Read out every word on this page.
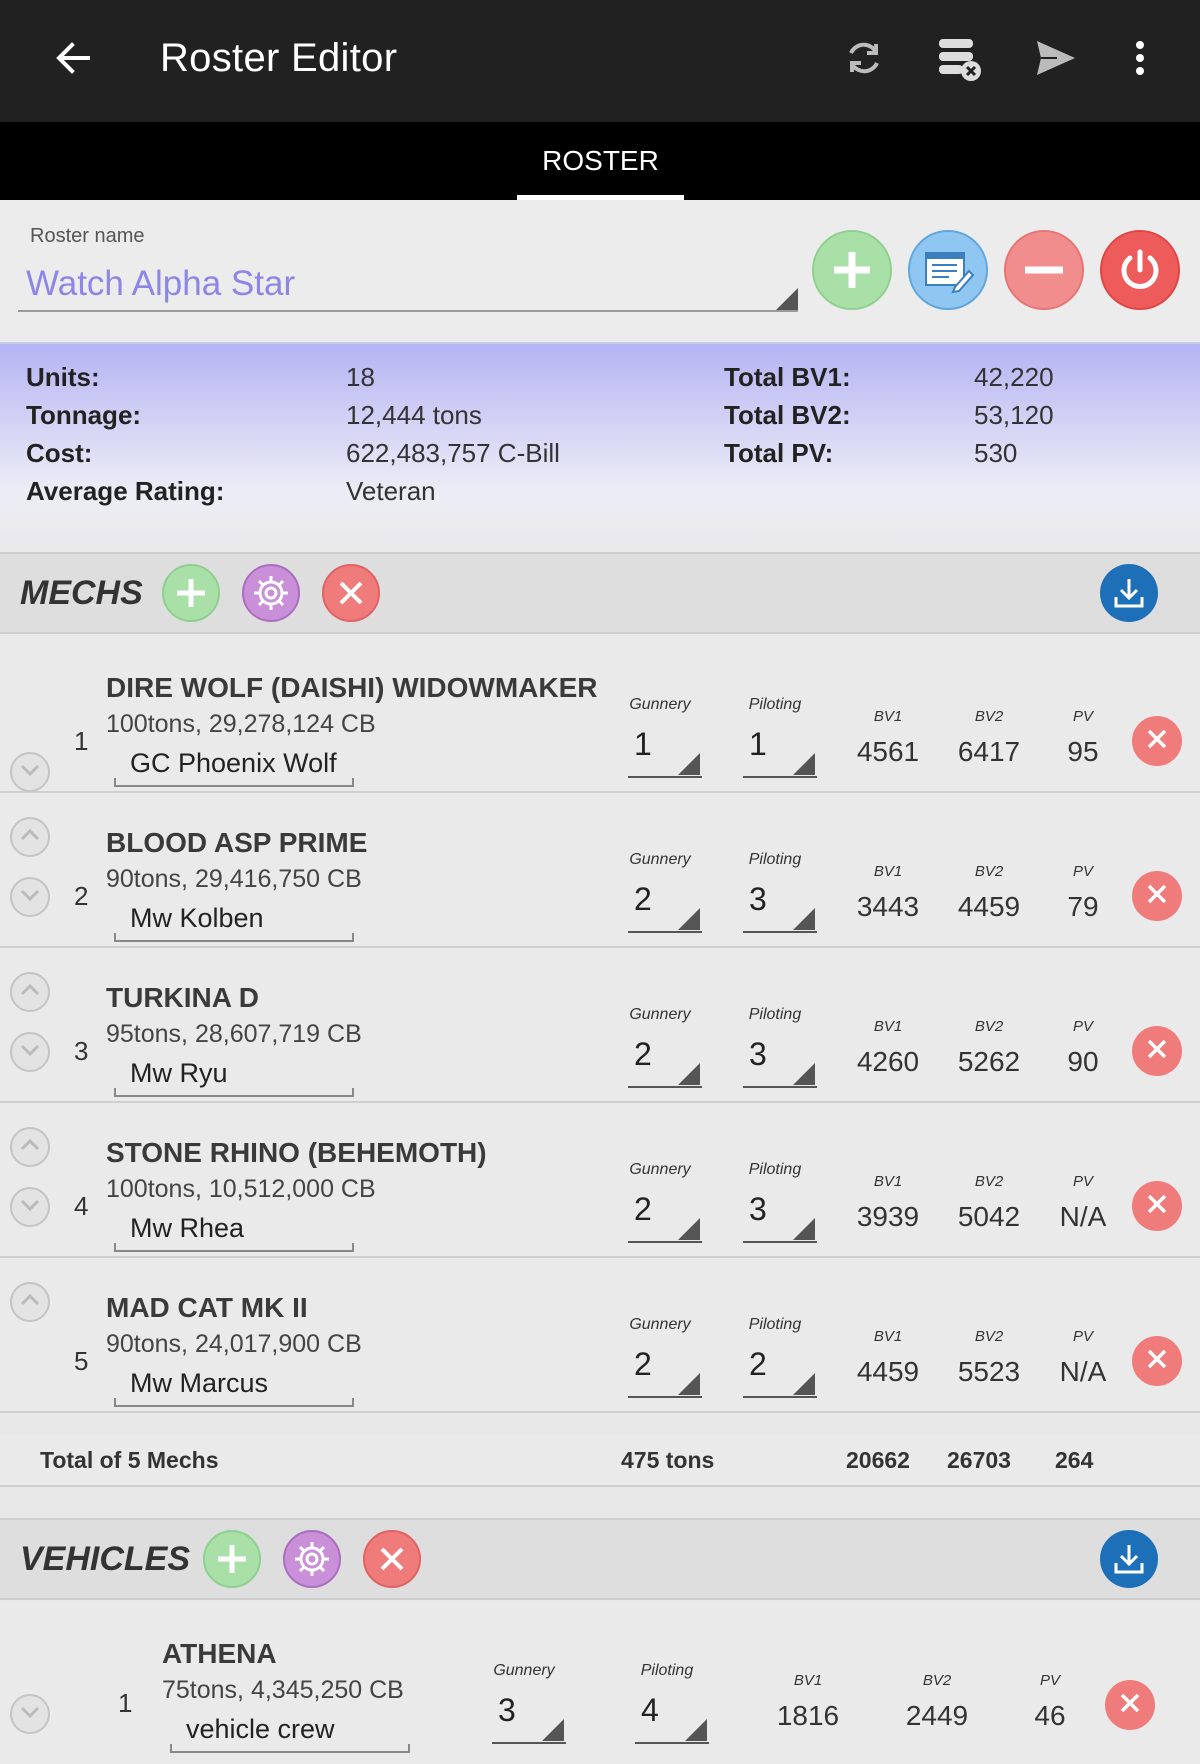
Roster Editor
ROSTER
Roster name
Watch Alpha Star
Units:	18
Tonnage:	12,444 tons
Cost:	622,483,757 C-Bill
Average Rating:	Veteran
Total BV1:	42,220
Total BV2:	53,120
Total PV:	530
MECHS
1
DIRE WOLF (DAISHI) WIDOWMAKER
100tons, 29,278,124 CB
GC Phoenix Wolf
Gunnery
1
Piloting
1
BV1
4561
BV2
6417
PV
95
2
BLOOD ASP PRIME
90tons, 29,416,750 CB
Mw Kolben
Gunnery
2
Piloting
3
BV1
3443
BV2
4459
PV
79
3
TURKINA D
95tons, 28,607,719 CB
Mw Ryu
Gunnery
2
Piloting
3
BV1
4260
BV2
5262
PV
90
4
STONE RHINO (BEHEMOTH)
100tons, 10,512,000 CB
Mw Rhea
Gunnery
2
Piloting
3
BV1
3939
BV2
5042
PV
N/A
5
MAD CAT MK II
90tons, 24,017,900 CB
Mw Marcus
Gunnery
2
Piloting
2
BV1
4459
BV2
5523
PV
N/A
Total of 5 Mechs	475 tons	20662 26703 264
VEHICLES
1
ATHENA
75tons, 4,345,250 CB
vehicle crew
Gunnery
3
Piloting
4
BV1
1816
BV2
2449
PV
46
